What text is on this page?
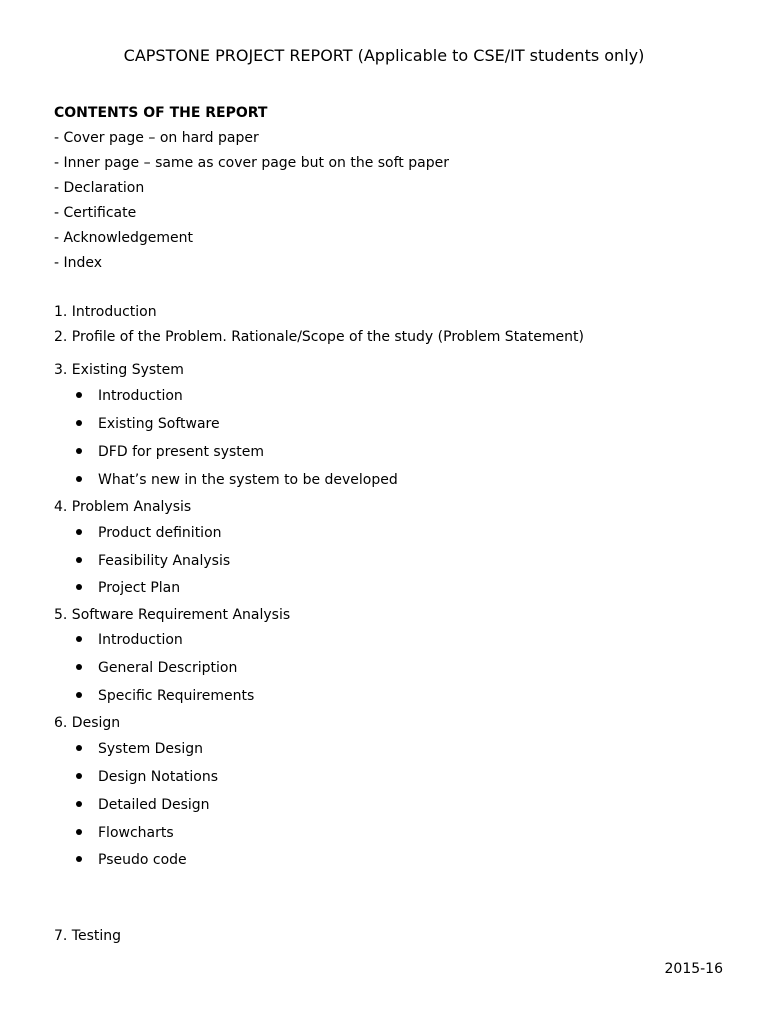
CAPSTONE PROJECT REPORT (Applicable to CSE/IT students only)
CONTENTS OF THE REPORT
- Cover page – on hard paper
- Inner page – same as cover page but on the soft paper
- Declaration
- Certificate
- Acknowledgement
- Index
1. Introduction
2. Profile of the Problem. Rationale/Scope of the study (Problem Statement)
3. Existing System
Introduction
Existing Software
DFD for present system
What’s new in the system to be developed
4. Problem Analysis
Product definition
Feasibility Analysis
Project Plan
5. Software Requirement Analysis
Introduction
General Description
Specific Requirements
6. Design
System Design
Design Notations
Detailed Design
Flowcharts
Pseudo code
7. Testing
2015-16
